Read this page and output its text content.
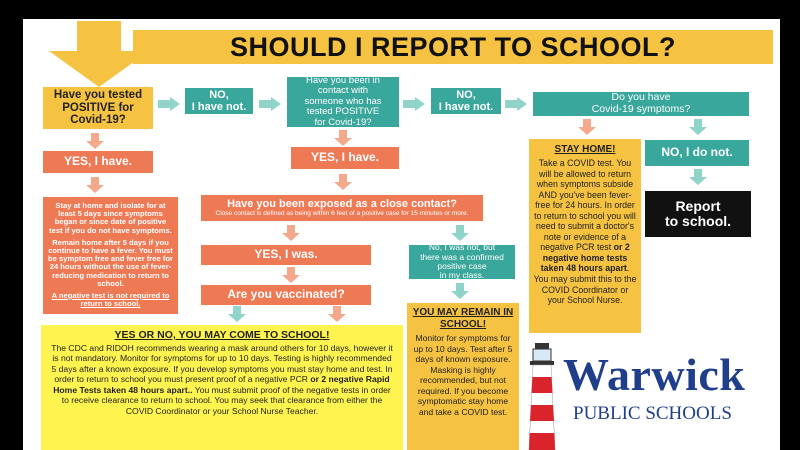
SHOULD I REPORT TO SCHOOL?
Have you tested
POSITIVE for
Covid-19?
NO,
I have not.
Have you been in
contact with
someone who has
tested POSITIVE
for Covid-19?
NO,
I have not.
Do you have
Covid-19 symptoms?
YES, I have.	YES, I have.	NO, I do not.
Stay at home and isolate for at least 5 days since symptoms began or since date of positive test if you do not have symptoms.
Remain home after 5 days if you continue to have a fever. You must be symptom free and fever free for 24 hours without the use of fever-reducing medication to return to school.
A negative test is not required to return to school.
Have you been exposed as a close contact?
Close contact is defined as being within 6 feet of a positive case for 15 minutes or more.
YES, I was.
No, I was not, but
there was a confirmed
positive case
in my class.
Are you vaccinated?
STAY HOME!
Take a COVID test. You will be allowed to return when symptoms subside AND you've been fever-free for 24 hours. In order to return to school you will need to submit a doctor's note or evidence of a negative PCR test or 2 negative home tests taken 48 hours apart. You may submit this to the COVID Coordinator or your School Nurse.
Report
to school.
YES OR NO, YOU MAY COME TO SCHOOL!
The CDC and RIDOH recommends wearing a mask around others for 10 days, however it is not mandatory. Monitor for symptoms for up to 10 days. Testing is highly recommended 5 days after a known exposure. If you develop symptoms you must stay home and test. In order to return to school you must present proof of a negative PCR or 2 negative Rapid Home Tests taken 48 hours apart.. You must submit proof of the negative tests in order to receive clearance to return to school. You may seek that clearance from either the COVID Coordinator or your School Nurse Teacher.
YOU MAY REMAIN IN SCHOOL!
Monitor for symptoms for up to 10 days. Test after 5 days of known exposure. Masking is highly recommended, but not required. If you become symptomatic stay home and take a COVID test.
Warwick
PUBLIC SCHOOLS
